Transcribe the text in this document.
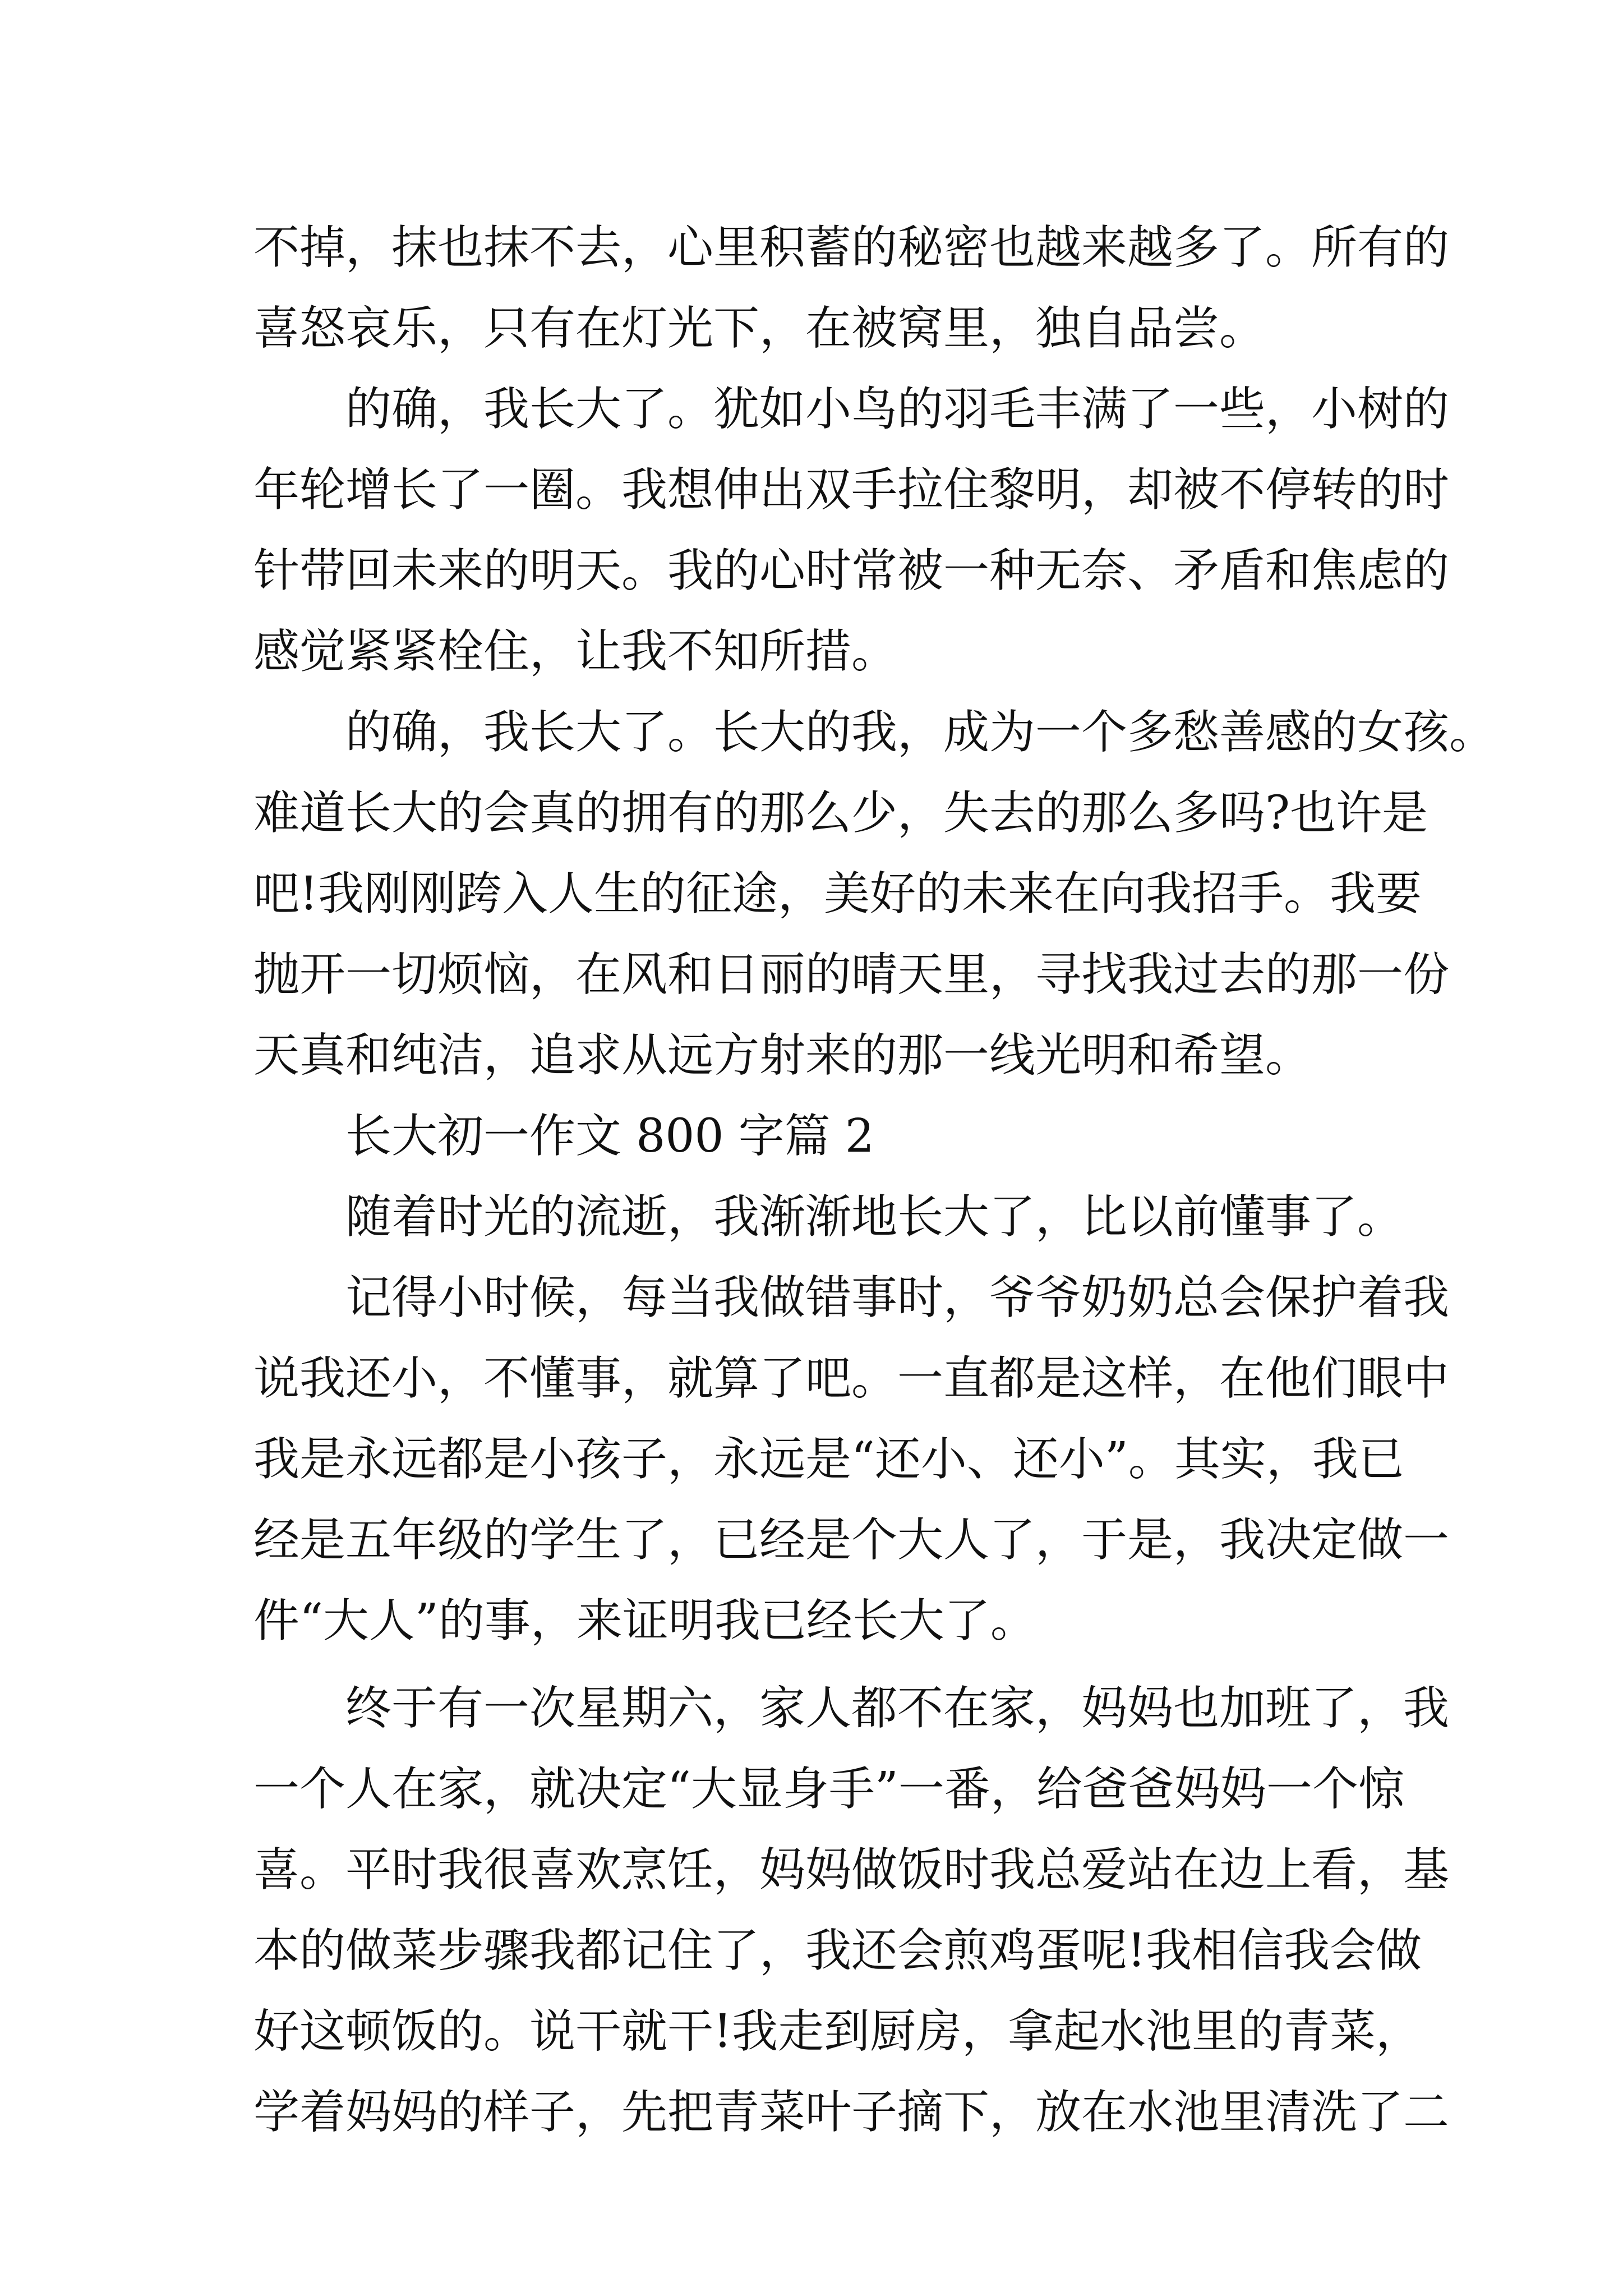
不掉，抹也抹不去，心里积蓄的秘密也越来越多了。所有的
喜怒哀乐，只有在灯光下，在被窝里，独自品尝。
的确，我长大了。犹如小鸟的羽毛丰满了一些，小树的
年轮增长了一圈。我想伸出双手拉住黎明，却被不停转的时
针带回未来的明天。我的心时常被一种无奈、矛盾和焦虑的
感觉紧紧栓住，让我不知所措。
的确，我长大了。长大的我，成为一个多愁善感的女孩。
难道长大的会真的拥有的那么少，失去的那么多吗?也许是
吧!我刚刚跨入人生的征途，美好的未来在向我招手。我要
抛开一切烦恼，在风和日丽的晴天里，寻找我过去的那一份
天真和纯洁，追求从远方射来的那一线光明和希望。
长大初一作文 800 字篇 2
随着时光的流逝，我渐渐地长大了，比以前懂事了。
记得小时候，每当我做错事时，爷爷奶奶总会保护着我
说我还小，不懂事，就算了吧。一直都是这样，在他们眼中
我是永远都是小孩子，永远是“还小、还小”。其实，我已
经是五年级的学生了，已经是个大人了，于是，我决定做一
件“大人”的事，来证明我已经长大了。
终于有一次星期六，家人都不在家，妈妈也加班了，我
一个人在家，就决定“大显身手”一番，给爸爸妈妈一个惊
喜。平时我很喜欢烹饪，妈妈做饭时我总爱站在边上看，基
本的做菜步骤我都记住了，我还会煎鸡蛋呢!我相信我会做
好这顿饭的。说干就干!我走到厨房，拿起水池里的青菜，
学着妈妈的样子，先把青菜叶子摘下，放在水池里清洗了二
